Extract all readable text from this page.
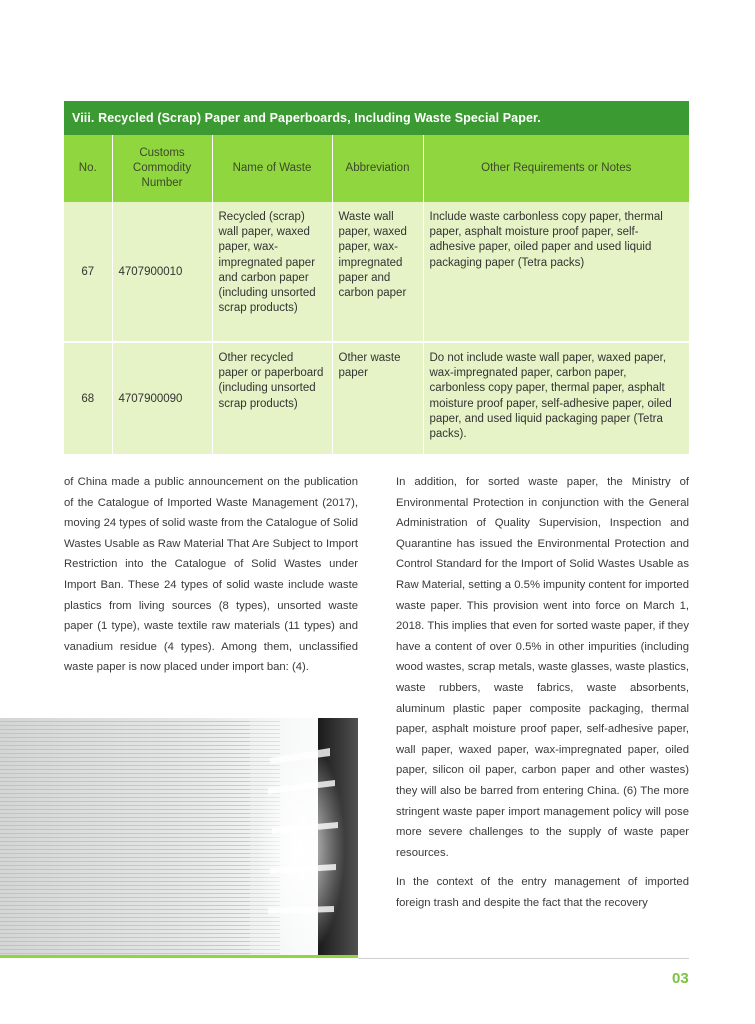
Viii. Recycled (Scrap) Paper and Paperboards, Including Waste Special Paper.
No.	Customs Commodity Number	Name of Waste	Abbreviation	Other Requirements or Notes
67	4707900010	Recycled (scrap) wall paper, waxed paper, wax-impregnated paper and carbon paper (including unsorted scrap products)	Waste wall paper, waxed paper, wax-impregnated paper and carbon paper	Include waste carbonless copy paper, thermal paper, asphalt moisture proof paper, self-adhesive paper, oiled paper and used liquid packaging paper (Tetra packs)
68	4707900090	Other recycled paper or paperboard (including unsorted scrap products)	Other waste paper	Do not include waste wall paper, waxed paper, wax-impregnated paper, carbon paper, carbonless copy paper, thermal paper, asphalt moisture proof paper, self-adhesive paper, oiled paper, and used liquid packaging paper (Tetra packs).

of China made a public announcement on the publication of the Catalogue of Imported Waste Management (2017), moving 24 types of solid waste from the Catalogue of Solid Wastes Usable as Raw Material That Are Subject to Import Restriction into the Catalogue of Solid Wastes under Import Ban. These 24 types of solid waste include waste plastics from living sources (8 types), unsorted waste paper (1 type), waste textile raw materials (11 types) and vanadium residue (4 types). Among them, unclassified waste paper is now placed under import ban: (4).

In addition, for sorted waste paper, the Ministry of Environmental Protection in conjunction with the General Administration of Quality Supervision, Inspection and Quarantine has issued the Environmental Protection and Control Standard for the Import of Solid Wastes Usable as Raw Material, setting a 0.5% impunity content for imported waste paper. This provision went into force on March 1, 2018. This implies that even for sorted waste paper, if they have a content of over 0.5% in other impurities (including wood wastes, scrap metals, waste glasses, waste plastics, waste rubbers, waste fabrics, waste absorbents, aluminum plastic paper composite packaging, thermal paper, asphalt moisture proof paper, self-adhesive paper, wall paper, waxed paper, wax-impregnated paper, oiled paper, silicon oil paper, carbon paper and other wastes) they will also be barred from entering China. (6) The more stringent waste paper import management policy will pose more severe challenges to the supply of waste paper resources.

In the context of the entry management of imported foreign trash and despite the fact that the recovery

03
